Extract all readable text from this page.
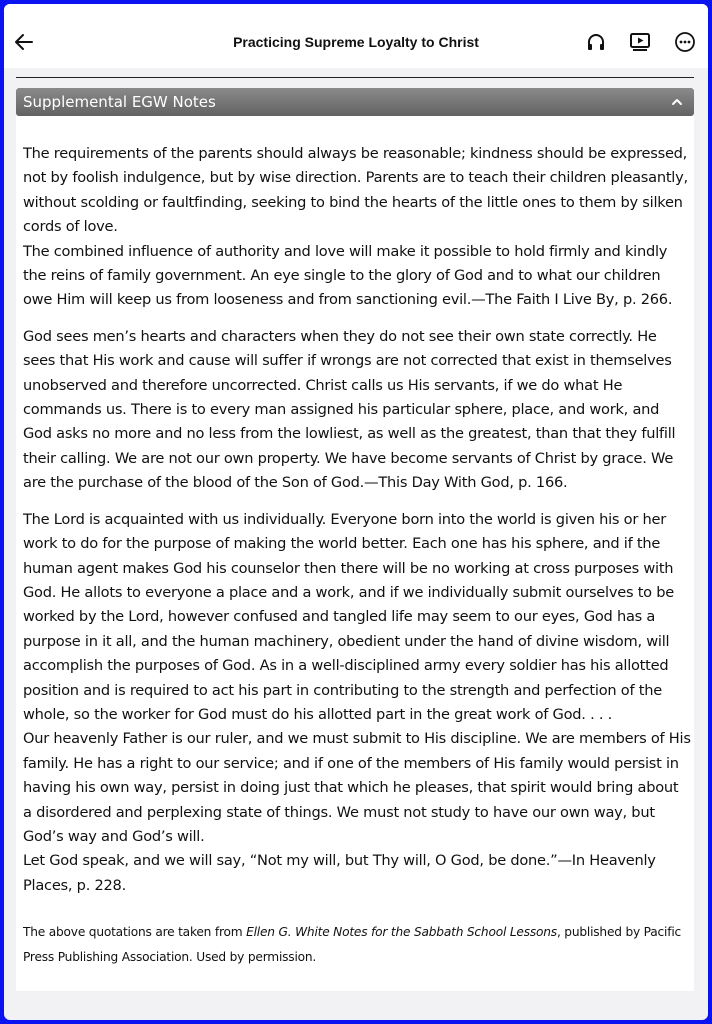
Practicing Supreme Loyalty to Christ
Supplemental EGW Notes

The requirements of the parents should always be reasonable; kindness should be expressed, not by foolish indulgence, but by wise direction. Parents are to teach their children pleasantly, without scolding or faultfinding, seeking to bind the hearts of the little ones to them by silken cords of love.

The combined influence of authority and love will make it possible to hold firmly and kindly the reins of family government. An eye single to the glory of God and to what our children owe Him will keep us from looseness and from sanctioning evil.—The Faith I Live By, p. 266.

God sees men’s hearts and characters when they do not see their own state correctly. He sees that His work and cause will suffer if wrongs are not corrected that exist in themselves unobserved and therefore uncorrected. Christ calls us His servants, if we do what He commands us. There is to every man assigned his particular sphere, place, and work, and God asks no more and no less from the lowliest, as well as the greatest, than that they fulfill their calling. We are not our own property. We have become servants of Christ by grace. We are the purchase of the blood of the Son of God.—This Day With God, p. 166.

The Lord is acquainted with us individually. Everyone born into the world is given his or her work to do for the purpose of making the world better. Each one has his sphere, and if the human agent makes God his counselor then there will be no working at cross purposes with God. He allots to everyone a place and a work, and if we individually submit ourselves to be worked by the Lord, however confused and tangled life may seem to our eyes, God has a purpose in it all, and the human machinery, obedient under the hand of divine wisdom, will accomplish the purposes of God. As in a well-disciplined army every soldier has his allotted position and is required to act his part in contributing to the strength and perfection of the whole, so the worker for God must do his allotted part in the great work of God. . . .

Our heavenly Father is our ruler, and we must submit to His discipline. We are members of His family. He has a right to our service; and if one of the members of His family would persist in having his own way, persist in doing just that which he pleases, that spirit would bring about a disordered and perplexing state of things. We must not study to have our own way, but God’s way and God’s will.

Let God speak, and we will say, “Not my will, but Thy will, O God, be done.”—In Heavenly Places, p. 228.

The above quotations are taken from Ellen G. White Notes for the Sabbath School Lessons, published by Pacific Press Publishing Association. Used by permission.
